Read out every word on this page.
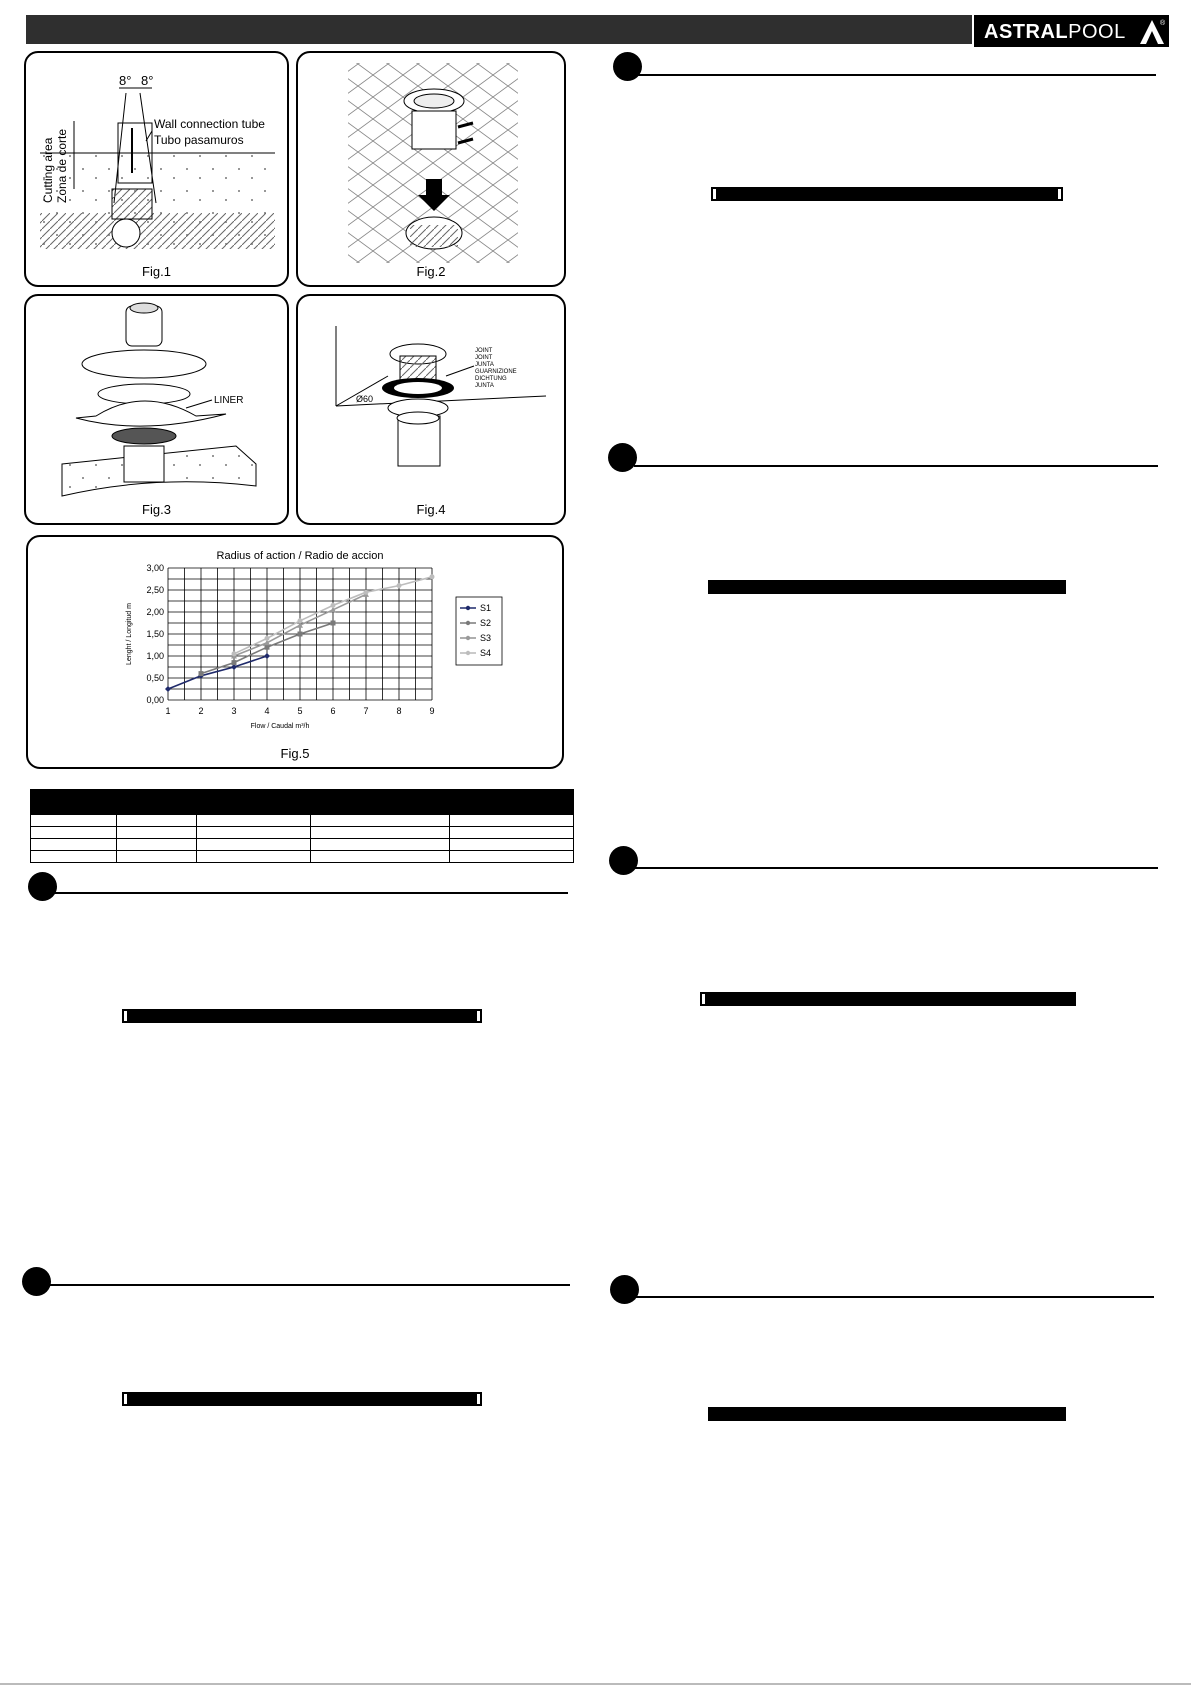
ASTRALPOOL	®
8° 8°
Wall connection tube
Tubo pasamuros
Cutting area Zona de corte
Fig.1	Fig.2
LINER
Fig.3
Ø60
JOINT
JOINT
JUNTA
GUARNIZIONE
DICHTUNG
JUNTA
Fig.4
Radius of action / Radio de accion
0,00
0,50
1,00
1,50
2,00
2,50
3,00
1	2	3	4	5	6	7	8	9
Flow / Caudal m³/h
Lenght / Longitud m	S1
S2
S3
S4
Fig.5
